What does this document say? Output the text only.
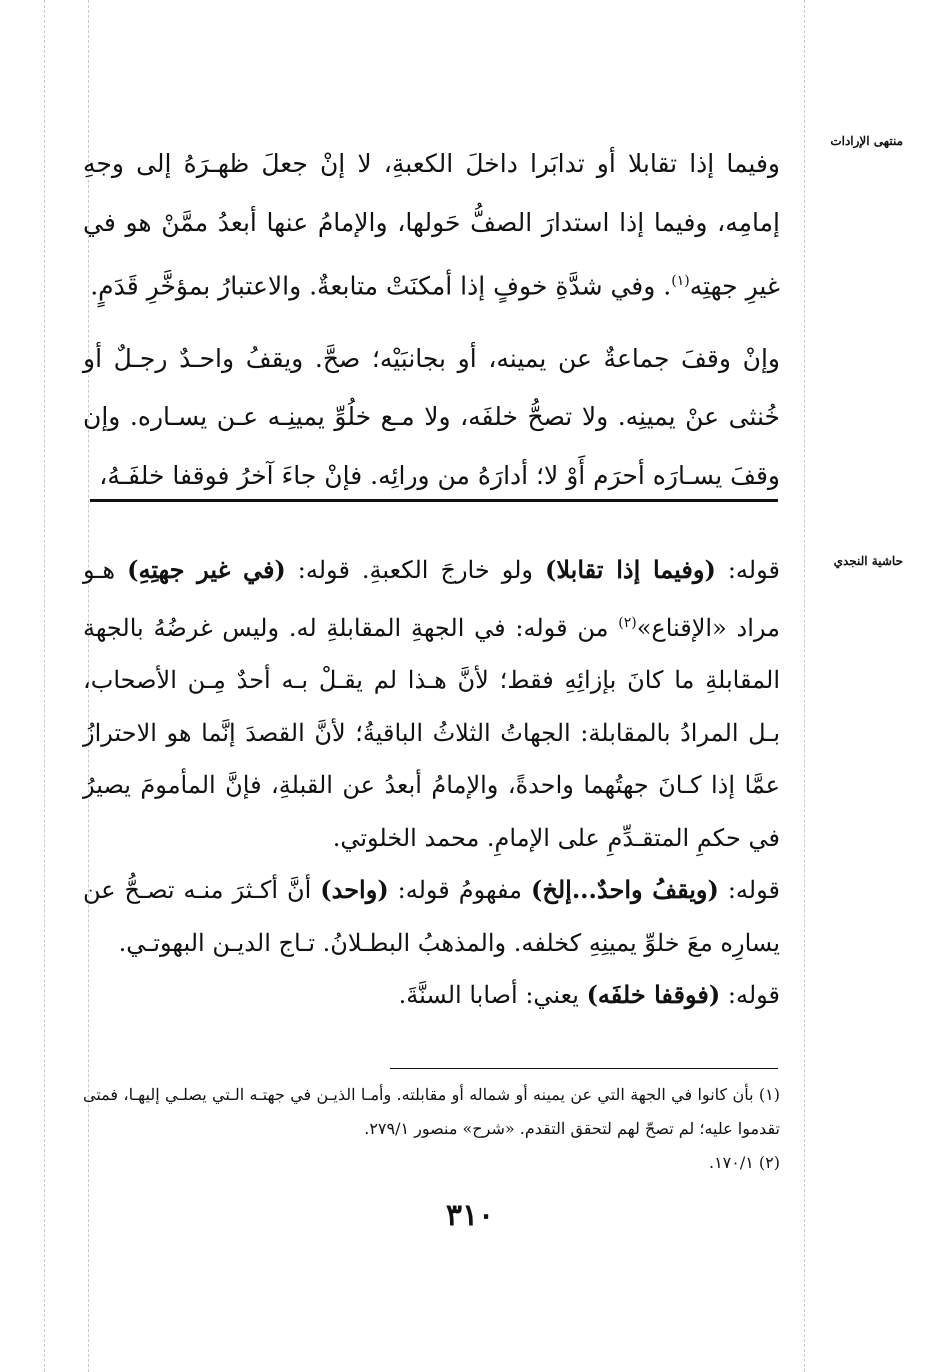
منتهى الإرادات
حاشية النجدي

وفيما إذا تقابلا أو تدابَرا داخلَ الكعبةِ، لا إنْ جعلَ ظهـرَهُ إلى وجهِ إمامِه، وفيما إذا استدارَ الصفُّ حَولها، والإمامُ عنها أبعدُ ممَّنْ هو في غيرِ جهتِه$^{(١)}$. وفي شدَّةِ خوفٍ إذا أمكنَتْ متابعةٌ. والاعتبارُ بمؤخَّرِ قَدَمٍ.

وإنْ وقفَ جماعةٌ عن يمينه، أو بجانبَيْه؛ صحَّ. ويقفُ واحـدٌ رجـلٌ أو خُنثى عنْ يمينِه. ولا تصحُّ خلفَه، ولا مـع خلُوِّ يمينِـه عـن يسـاره. وإن وقفَ يسـارَه أحرَم أَوْ لا؛ أدارَهُ من ورائِه. فإنْ جاءَ آخرُ فوقفا خلفَـهُ،

قوله: (وفيما إذا تقابلا) ولو خارجَ الكعبةِ. قوله: (في غير جهتِهِ) هـو مراد «الإقناع»$^{(٢)}$ من قوله: في الجهةِ المقابلةِ له. وليس غرضُهُ بالجهة المقابلةِ ما كانَ بإزائِهِ فقط؛ لأنَّ هـذا لم يقـلْ بـه أحدٌ مِـن الأصحاب، بـل المرادُ بالمقابلة: الجهاتُ الثلاثُ الباقيةُ؛ لأنَّ القصدَ إنَّما هو الاحترازُ عمَّا إذا كـانَ جهتُهما واحدةً، والإمامُ أبعدُ عن القبلةِ، فإنَّ المأمومَ يصيرُ في حكمِ المتقـدِّمِ على الإمامِ. محمد الخلوتي.

قوله: (ويقفُ واحدٌ...إلخ) مفهومُ قوله: (واحد) أنَّ أكـثرَ منـه تصـحُّ عن يسارِه معَ خلوِّ يمينِهِ كخلفه. والمذهبُ البطـلانُ. تـاج الديـن البهوتـي.

قوله: (فوقفا خلفَه) يعني: أصابا السنَّةَ.

(١) بأن كانوا في الجهة التي عن يمينه أو شماله أو مقابلته. وأمـا الذيـن في جهتـه الـتي يصلـي إليهـا، فمتى تقدموا عليه؛ لم تصحّ لهم لتحقق التقدم. «شرح» منصور ٢٧٩/١.

(٢) ١٧٠/١.

٣١٠
